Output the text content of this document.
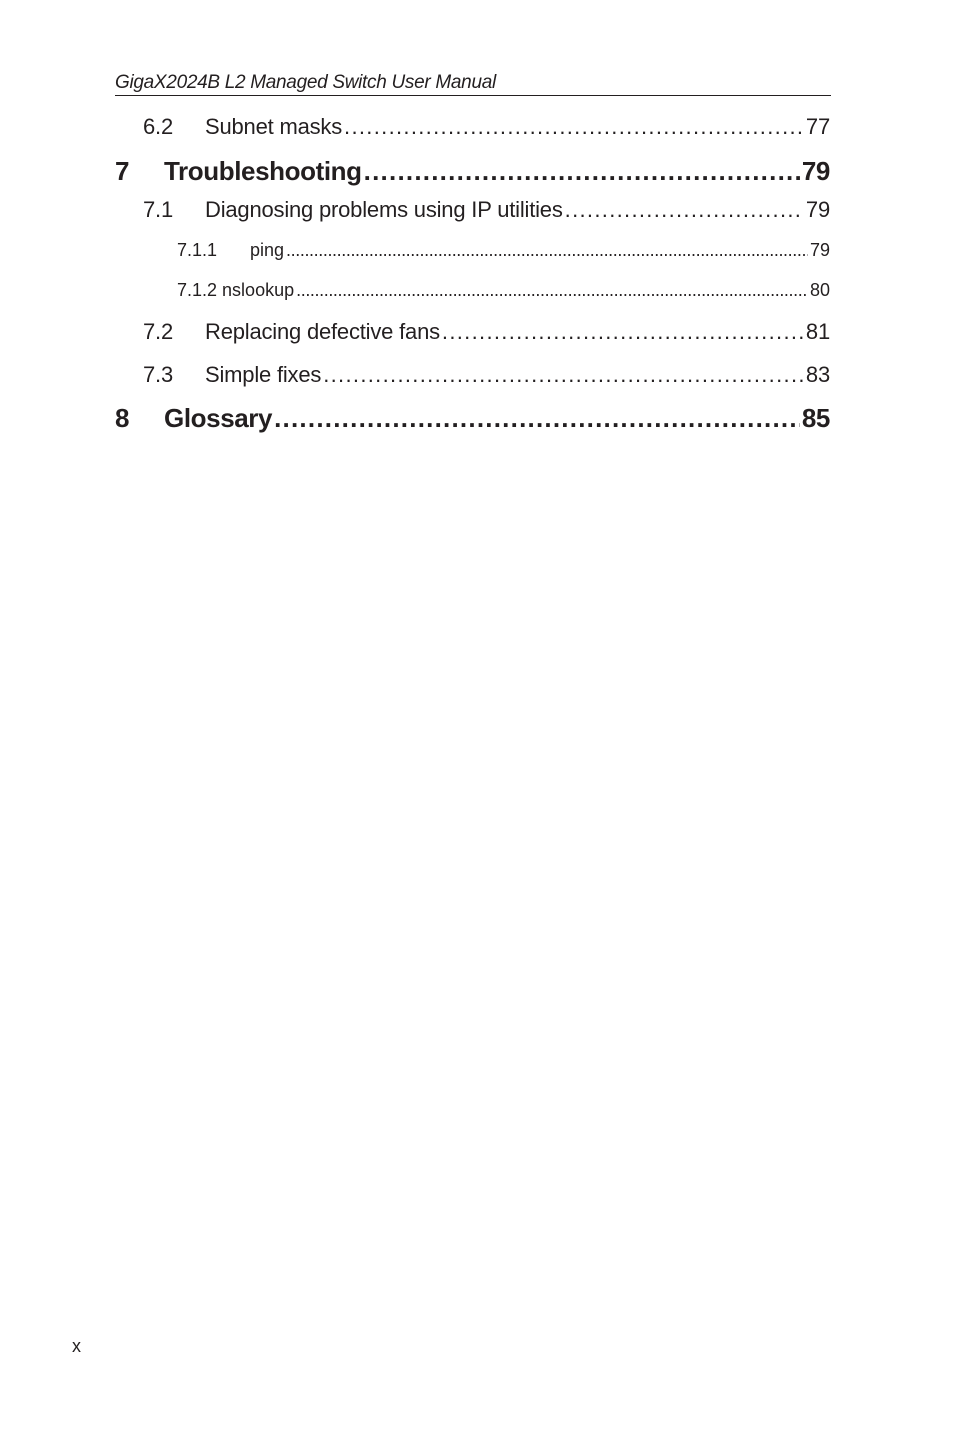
GigaX2024B L2 Managed Switch User Manual
6.2	Subnet masks . . .	77
7	Troubleshooting . . .	79
7.1	Diagnosing problems using IP utilities . . .	79
7.1.1	ping . . .	79
7.1.2 nslookup . . .	80
7.2	Replacing defective fans . . .	81
7.3	Simple fixes . . .	83
8	Glossary . . .	85
x
